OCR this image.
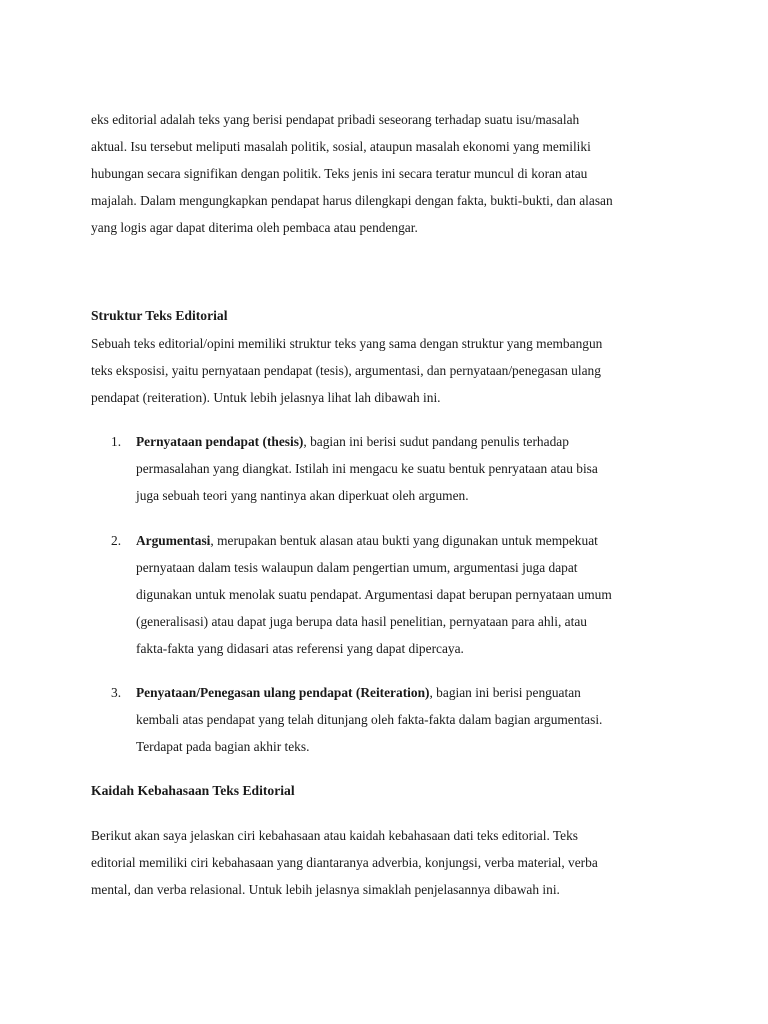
eks editorial adalah teks yang berisi pendapat pribadi seseorang terhadap suatu isu/masalah
aktual. Isu tersebut meliputi masalah politik, sosial, ataupun masalah ekonomi yang memiliki
hubungan secara signifikan dengan politik. Teks jenis ini secara teratur muncul di koran atau
majalah. Dalam mengungkapkan pendapat harus dilengkapi dengan fakta, bukti-bukti, dan alasan
yang logis agar dapat diterima oleh pembaca atau pendengar.

Struktur Teks Editorial

Sebuah teks editorial/opini memiliki struktur teks yang sama dengan struktur yang membangun
teks eksposisi, yaitu pernyataan pendapat (tesis), argumentasi, dan pernyataan/penegasan ulang
pendapat (reiteration). Untuk lebih jelasnya lihat lah dibawah ini.

1. Pernyataan pendapat (thesis), bagian ini berisi sudut pandang penulis terhadap
permasalahan yang diangkat. Istilah ini mengacu ke suatu bentuk penryataan atau bisa
juga sebuah teori yang nantinya akan diperkuat oleh argumen.
2. Argumentasi, merupakan bentuk alasan atau bukti yang digunakan untuk mempekuat
pernyataan dalam tesis walaupun dalam pengertian umum, argumentasi juga dapat
digunakan untuk menolak suatu pendapat. Argumentasi dapat berupan pernyataan umum
(generalisasi) atau dapat juga berupa data hasil penelitian, pernyataan para ahli, atau
fakta-fakta yang didasari atas referensi yang dapat dipercaya.
3. Penyataan/Penegasan ulang pendapat (Reiteration), bagian ini berisi penguatan
kembali atas pendapat yang telah ditunjang oleh fakta-fakta dalam bagian argumentasi.
Terdapat pada bagian akhir teks.
Kaidah Kebahasaan Teks Editorial

Berikut akan saya jelaskan ciri kebahasaan atau kaidah kebahasaan dati teks editorial. Teks
editorial memiliki ciri kebahasaan yang diantaranya adverbia, konjungsi, verba material, verba
mental, dan verba relasional. Untuk lebih jelasnya simaklah penjelasannya dibawah ini.
